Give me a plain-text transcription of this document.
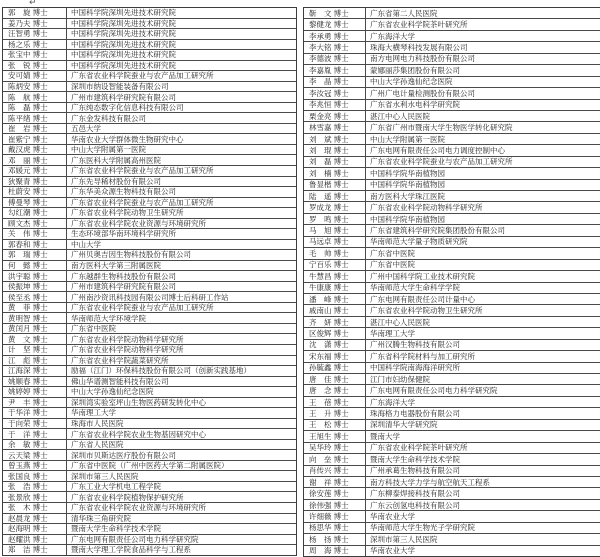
↵
郭　旋 博士	中国科学院深圳先进技术研究院
姜乃夫 博士	中国科学院深圳先进技术研究院
汪智勇 博士	中国科学院深圳先进技术研究院
杨之乐 博士	中国科学院深圳先进技术研究院
张宝中 博士	中国科学院深圳先进技术研究院
张　锐 博士	中国科学院深圳先进技术研究院
安可婧 博士	广东省农业科学院蚕业与农产品加工研究所
陈炳安 博士	深圳市纳设智能装备有限公司
陈　航 博士	广州市建筑科学研究院有限公司
陈　磊 博士	广东纯态数字化信息科技有限公司
陈平绪 博士	广东金发科技有限公司
崔　岩 博士	五邑大学
崔紫宁 博士	华南农业大学群体微生物研究中心
戴汉虎 博士	中山大学附属第一医院
邓　丽 博士	广东医科大学附属高州医院
邓媛元 博士	广东省农业科学院蚕业与农产品加工研究所
狄聚青 博士	广东先导稀材股份有限公司
杜蔚安 博士	广东华美众源生物科技有限公司
傅曼琴 博士	广东省农业科学院蚕业与农产品加工研究所
勾红潮 博士	广东省农业科学院动物卫生研究所
顾文杰 博士	广东省农业科学院农业资源与环境研究所
关　伟 博士	生态环境部华南环境科学研究所
郭春和 博士	中山大学
郭　瑞 博士	广州贝奥吉因生物科技股份有限公司
何　懿 博士	南方医科大学第三附属医院
洪宇聪 博士	广东越群生物科技股份有限公司
侯振坤 博士	广州市建筑科学研究院有限公司
侯至丞 博士	广州南沙资讯科技园有限公司博士后科研工作站
黄　菲 博士	广东省农业科学院蚕业与农产品加工研究所
黄明智 博士	华南师范大学环境学院
黄闰月 博士	广东省中医院
黄　文 博士	广东省农业科学院动物科学研究所
计　坚 博士	广东省农业科学院动物科学研究所
江　彪 博士	广东省农业科学院蔬菜研究所
江海深 博士	励福（江门）环保科技股份有限公司（创新实践基地）
姚顺春 博士	佛山华谱测智能科技有限公司
姚婷婷 博士	中山大学孙逸仙纪念医院
尹　丰 博士	深圳湾实验室坪山生物医药研发转化中心
于华洋 博士	华南理工大学
于向荣 博士	珠海市人民医院
于　洋 博士	广东省农业科学院农业生物基因研究中心
余　敏 博士	广东省人民医院
云天梁 博士	深圳市贝斯达医疗股份有限公司
曾玉燕 博士	广东省中医院（广州中医药大学第二附属医院）
张国良 博士	深圳市第三人民医院
张　浩 博士	广东工业大学机电工程学院
张景欣 博士	广东省农业科学院植物保护研究所
张　木 博士	广东省农业科学院农业资源与环境研究所
赵晨龙 博士	清华珠三角研究院
赵海明 博士	暨南大学生命科学技术学院
赵耀洪 博士	广东电网有限责任公司电力科学研究院
郑　洁 博士	暨南大学理工学院食品科学与工程系
靳　文 博士	广东省第二人民医院
黎健龙 博士	广东省农业科学院茶叶研究所
李承勇 博士	广东海洋大学
李大铭 博士	珠海大横琴科技发展有限公司
李德波 博士	南方电网电力科技股份有限公司
李嘉胤 博士	蒙娜丽莎集团股份有限公司
李　晶 博士	中山大学孙逸仙纪念医院
李汝冠 博士	广州广电计量检测股份有限公司
李兆恒 博士	广东省水利水电科学研究院
栗金亮 博士	湛江中心人民医院
林雪嘉 博士	广东省广州市暨南大学生物医学转化研究院
刘　斌 博士	中山大学附属第一医院
刘　琨 博士	广东电网有限责任公司电力调度控制中心
刘　磊 博士	广东省农业科学院蚕业与农产品加工研究所
刘　楠 博士	中国科学院华南植物园
鲁显楷 博士	中国科学院华南植物园
陆　遥 博士	南方医科大学珠江医院
罗成龙 博士	广东省农业科学院动物科学研究所
罗　鸣 博士	中国科学院华南植物园
马　旭 博士	广东省建筑科学研究院集团股份有限公司
马远卓 博士	华南师范大学量子物质研究院
毛　帅 博士	广东省中医院
宁百乐 博士	广东省中医院
牛慧昌 博士	广州中国科学院工业技术研究院
牛康康 博士	华南师范大学生命科学学院
潘　峰 博士	广东电网有限责任公司计量中心
戚南山 博士	广东省农业科学院动物卫生研究所
齐　妍 博士	湛江中心人民医院
区俊辉 博士	华南理工大学
沈　潇 博士	广州汉腾生物科技有限公司
宋东福 博士	广东省科学院材料与加工研究所
孙毓鑫 博士	中国科学院南海海洋研究所
唐　佳 博士	江门市妇幼保健院
唐　念 博士	广东电网有限责任公司电力科学研究院
王　蓓 博士	广东海洋大学
王　升 博士	珠海格力电器股份有限公司
王　松 博士	深圳清华大学研究院
王旭生 博士	暨南大学
吴华玲 博士	广东省农业科学院茶叶研究所
向　垒 博士	暨南大学生命科学技术学院
肖传兴 博士	广州承葛生物科技有限公司
谢　祥 博士	南方科技大学力学与航空航天工程系
徐安莲 博士	广东柳泰焊接科技有限公司
徐伟强 博士	广东云创氢电科技有限公司
许细薇 博士	华南农业大学
杨思华 博士	华南师范大学生物光子学研究院
杨　扬 博士	深圳市第三人民医院
周　海 博士	华南农业大学
